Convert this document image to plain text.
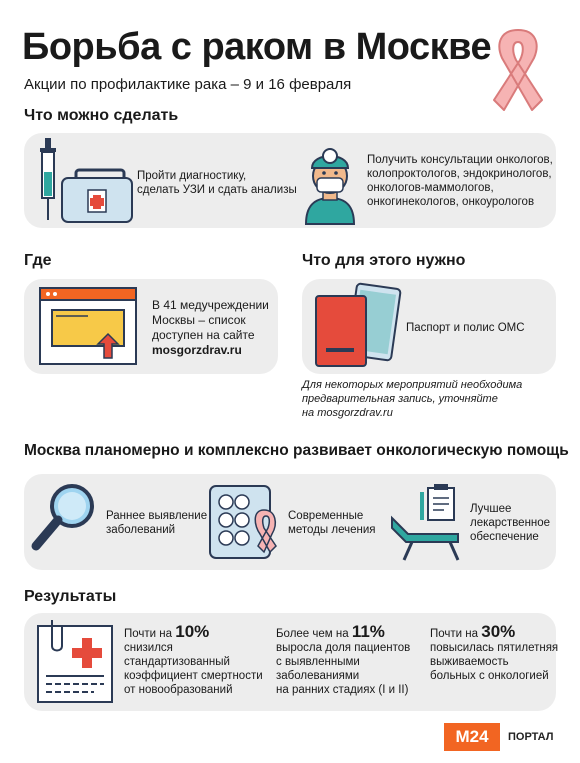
Борьба с раком в Москве
Акции по профилактике рака – 9 и 16 февраля
Что можно сделать
Пройти диагностику,
сделать УЗИ и сдать анализы
Получить консультации онкологов,
колопроктологов, эндокринологов,
онкологов-маммологов,
онкогинекологов, онкоурологов
Где
В 41 медучреждении
Москвы – список
доступен на сайте
mosgorzdrav.ru
Что для этого нужно
Паспорт и полис ОМС
Для некоторых мероприятий необходима
предварительная запись, уточняйте
на mosgorzdrav.ru
Москва планомерно и комплексно развивает онкологическую помощь
Раннее выявление
заболеваний
Современные
методы лечения
Лучшее
лекарственное
обеспечение
Результаты
Почти на 10%
снизился
стандартизованный
коэффициент смертности
от новообразований
Более чем на 11%
выросла доля пациентов
с выявленными
заболеваниями
на ранних стадиях (I и II)
Почти на 30%
повысилась пятилетняя
выживаемость
больных с онкологией
M24	ПОРТАЛ
